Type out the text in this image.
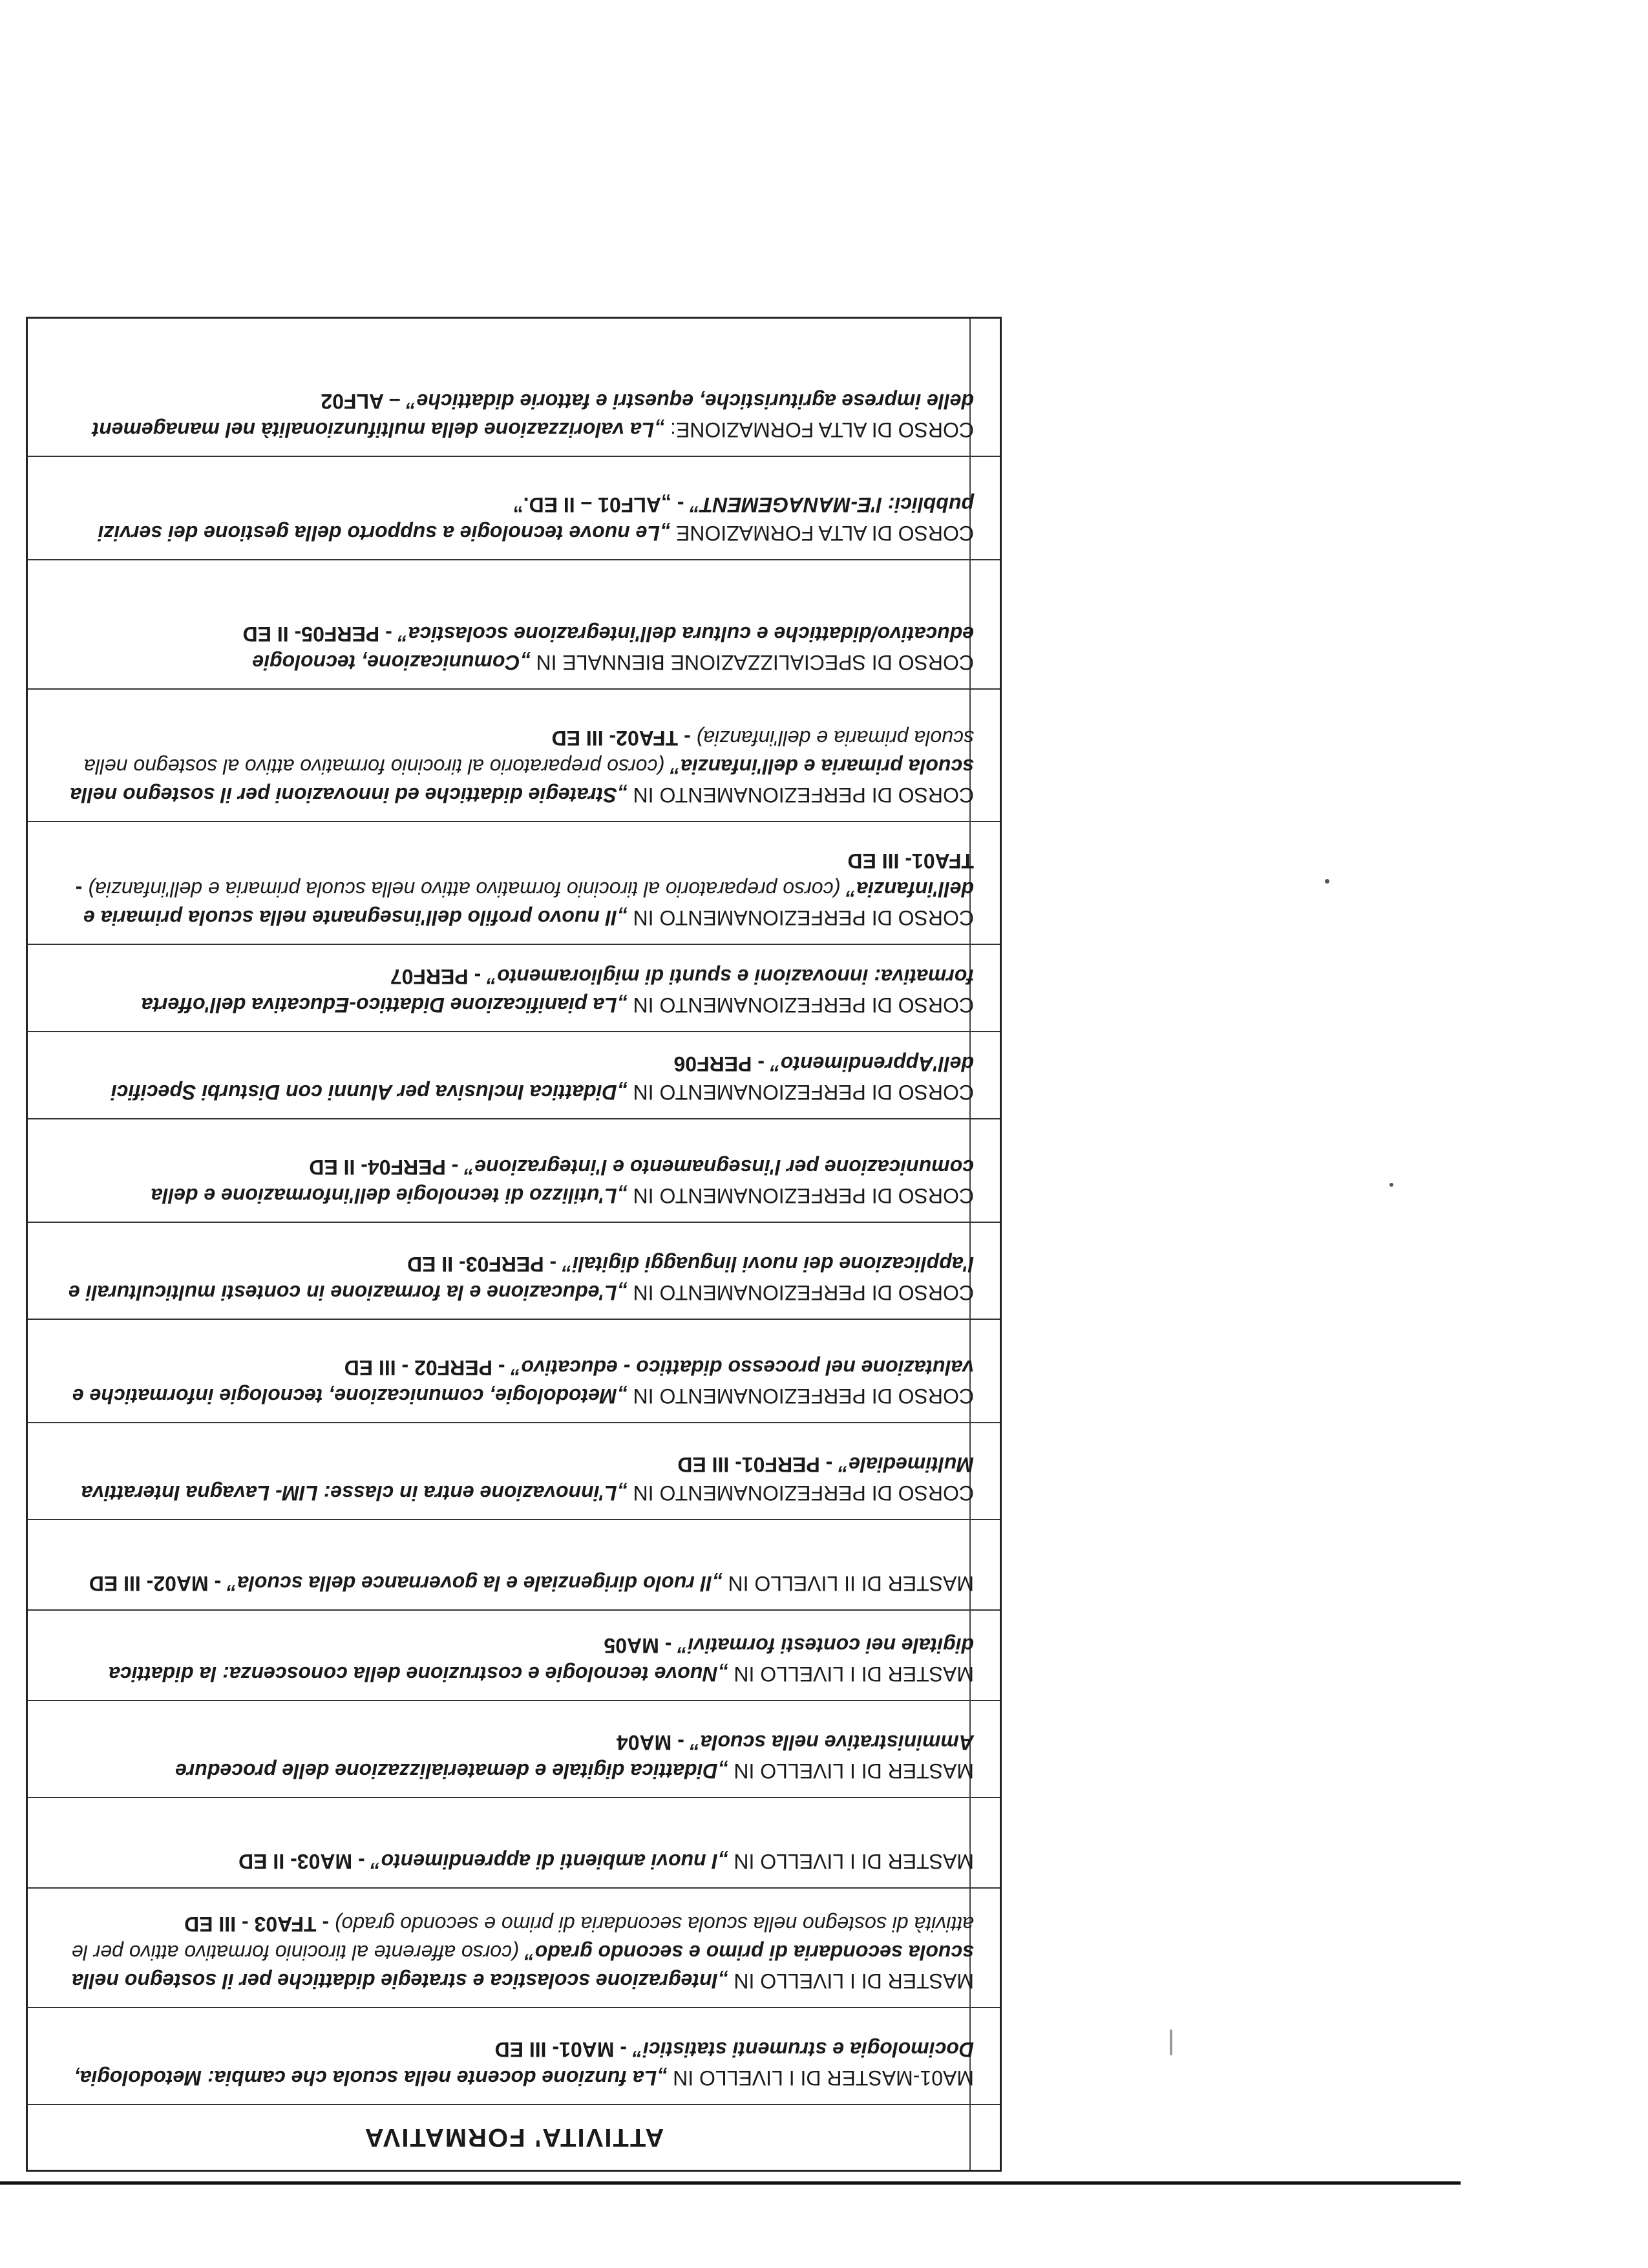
ATTIVITA' FORMATIVA
MA01-MASTER DI I LIVELLO IN „La funzione docente nella scuola che cambia: Metodologia, Docimologia e strumenti statistici” - MA01- III ED
MASTER DI I LIVELLO IN „Integrazione scolastica e strategie didattiche per il sostegno nella scuola secondaria di primo e secondo grado” (corso afferente al tirocinio formativo attivo per le attività di sostegno nella scuola secondaria di primo e secondo grado) - TFA03 - III ED
MASTER DI I LIVELLO IN „I nuovi ambienti di apprendimento” - MA03- II ED
MASTER DI I LIVELLO IN „Didattica digitale e dematerializzazione delle procedure Amministrative nella scuola” - MA04
MASTER DI I LIVELLO IN „Nuove tecnologie e costruzione della conoscenza: la didattica digitale nei contesti formativi” - MA05
MASTER DI II LIVELLO IN „Il ruolo dirigenziale e la governance della scuola” - MA02- III ED
CORSO DI PERFEZIONAMENTO IN „L'innovazione entra in classe: LIM- Lavagna Interattiva Multimediale” - PERF01- III ED
CORSO DI PERFEZIONAMENTO IN „Metodologie, comunicazione, tecnologie informatiche e valutazione nel processo didattico - educativo” - PERF02 - III ED
CORSO DI PERFEZIONAMENTO IN „L'educazione e la formazione in contesti multiculturali e l'applicazione dei nuovi linguaggi digitali” - PERF03- II ED
CORSO DI PERFEZIONAMENTO IN „L'utilizzo di tecnologie dell'informazione e della comunicazione per l'insegnamento e l'integrazione” - PERF04- II ED
CORSO DI PERFEZIONAMENTO IN „Didattica Inclusiva per Alunni con Disturbi Specifici dell'Apprendimento” - PERF06
CORSO DI PERFEZIONAMENTO IN „La pianificazione Didattico-Educativa dell'offerta formativa: innovazioni e spunti di miglioramento” - PERF07
CORSO DI PERFEZIONAMENTO IN „Il nuovo profilo dell'insegnante nella scuola primaria e dell'infanzia” (corso preparatorio al tirocinio formativo attivo nella scuola primaria e dell'infanzia) - TFA01- III ED
CORSO DI PERFEZIONAMENTO IN „Strategie didattiche ed innovazioni per il sostegno nella scuola primaria e dell'infanzia” (corso preparatorio al tirocinio formativo attivo al sostegno nella scuola primaria e dell'infanzia) - TFA02- III ED
CORSO DI SPECIALIZZAZIONE BIENNALE IN „Comunicazione, tecnologie educativo/didattiche e cultura dell'integrazione scolastica” - PERF05- II ED
CORSO DI ALTA FORMAZIONE „Le nuove tecnologie a supporto della gestione dei servizi pubblici: l'E-MANAGEMENT” - „ALF01 – II ED.”
CORSO DI ALTA FORMAZIONE: „La valorizzazione della multifunzionalità nel management delle imprese agrituristiche, equestri e fattorie didattiche” – ALF02
